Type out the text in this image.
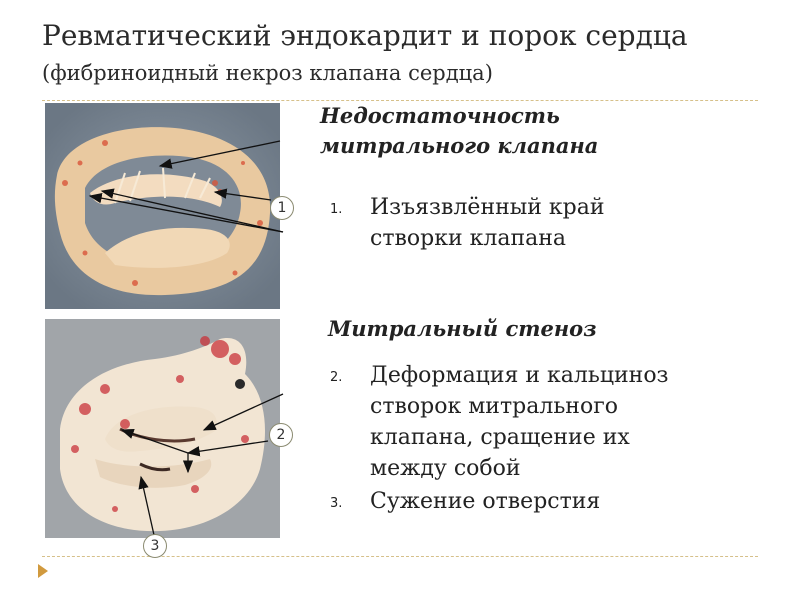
Ревматический эндокардит и порок сердца
(фибриноидный некроз клапана сердца)
1
2
3
Недостаточность
митрального клапана
1. Изъязвлённый край
створки клапана
Митральный стеноз
2. Деформация и кальциноз
створок митрального
клапана, сращение их
между собой
3. Сужение отверстия
